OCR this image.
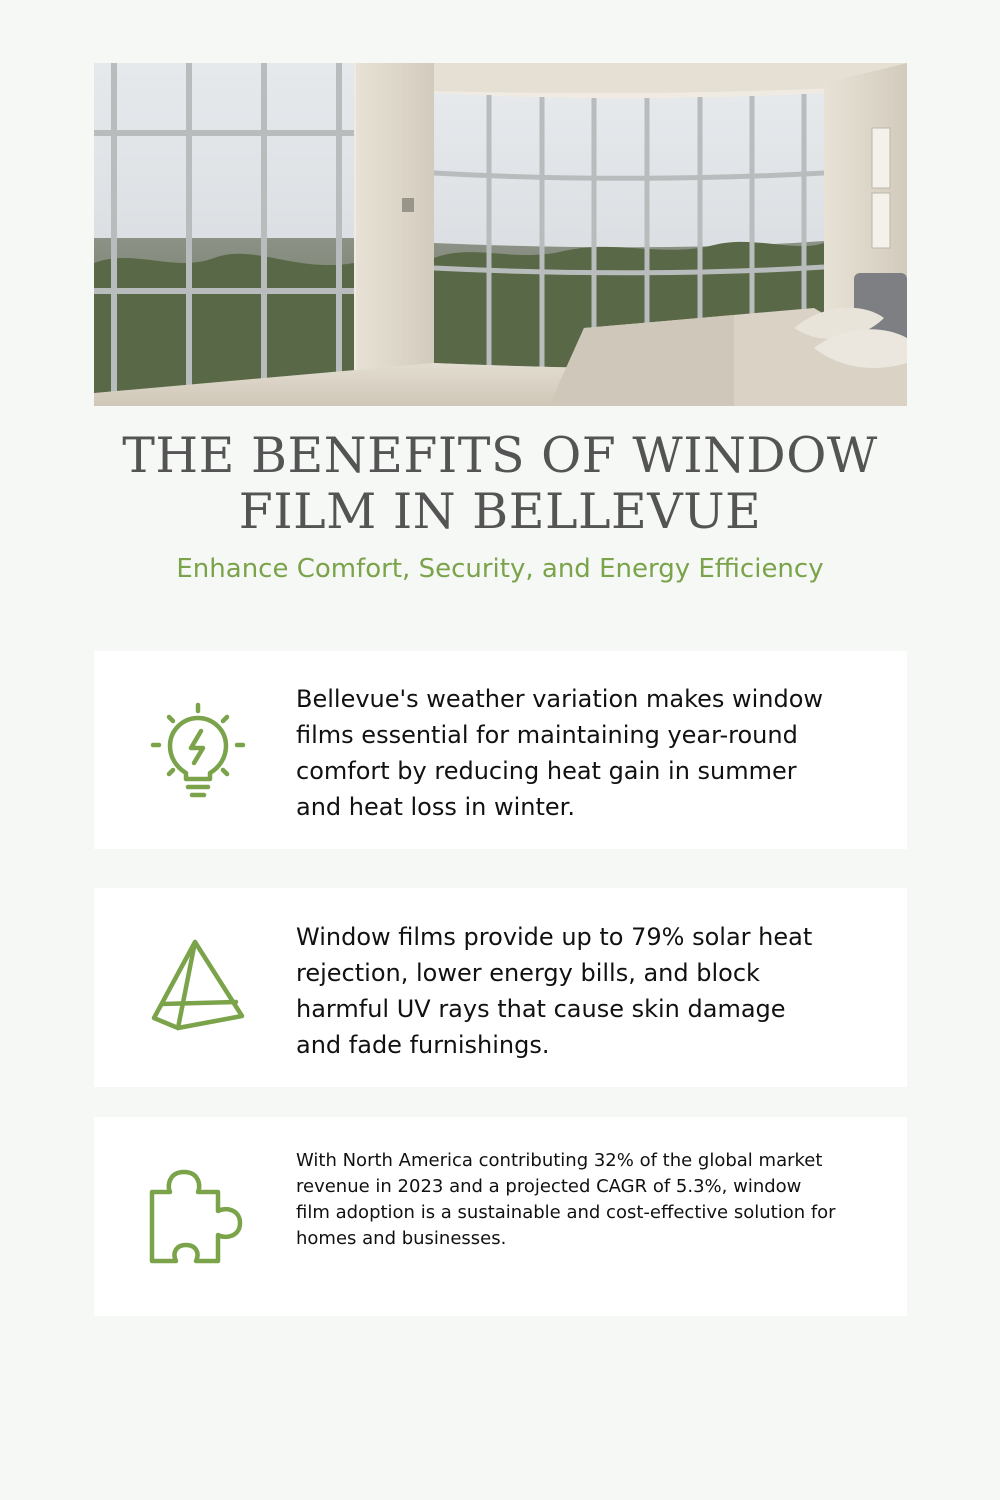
THE BENEFITS OF WINDOW FILM IN BELLEVUE

Enhance Comfort, Security, and Energy Efficiency

Bellevue's weather variation makes window films essential for maintaining year-round comfort by reducing heat gain in summer and heat loss in winter.

Window films provide up to 79% solar heat rejection, lower energy bills, and block harmful UV rays that cause skin damage and fade furnishings.

With North America contributing 32% of the global market revenue in 2023 and a projected CAGR of 5.3%, window film adoption is a sustainable and cost-effective solution for homes and businesses.
